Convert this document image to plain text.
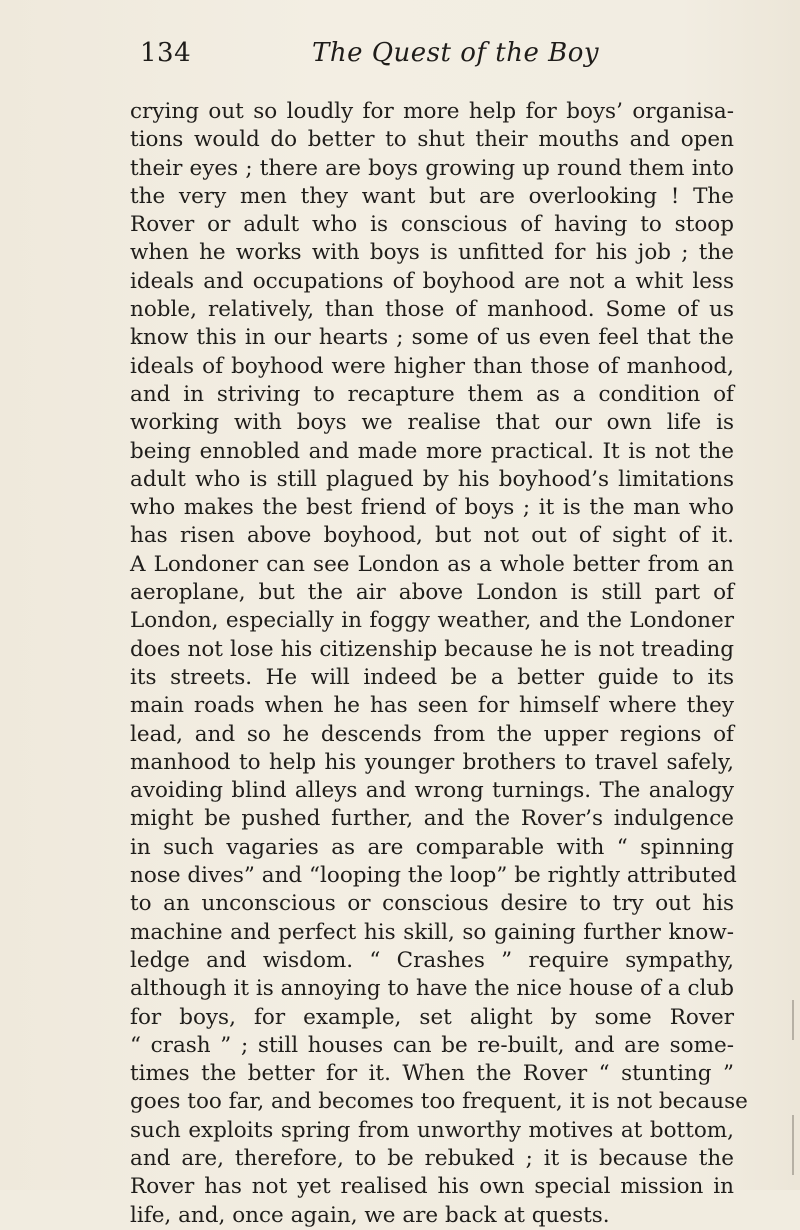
134	The Quest of the Boy
crying out so loudly for more help for boys’ organisa-
tions would do better to shut their mouths and open
their eyes ; there are boys growing up round them into
the very men they want but are overlooking ! The
Rover or adult who is conscious of having to stoop
when he works with boys is unfitted for his job ; the
ideals and occupations of boyhood are not a whit less
noble, relatively, than those of manhood. Some of us
know this in our hearts ; some of us even feel that the
ideals of boyhood were higher than those of manhood,
and in striving to recapture them as a condition of
working with boys we realise that our own life is
being ennobled and made more practical. It is not the
adult who is still plagued by his boyhood’s limitations
who makes the best friend of boys ; it is the man who
has risen above boyhood, but not out of sight of it.
A Londoner can see London as a whole better from an
aeroplane, but the air above London is still part of
London, especially in foggy weather, and the Londoner
does not lose his citizenship because he is not treading
its streets. He will indeed be a better guide to its
main roads when he has seen for himself where they
lead, and so he descends from the upper regions of
manhood to help his younger brothers to travel safely,
avoiding blind alleys and wrong turnings. The analogy
might be pushed further, and the Rover’s indulgence
in such vagaries as are comparable with “ spinning
nose dives” and “looping the loop” be rightly attributed
to an unconscious or conscious desire to try out his
machine and perfect his skill, so gaining further know-
ledge and wisdom. “ Crashes ” require sympathy,
although it is annoying to have the nice house of a club
for boys, for example, set alight by some Rover
“ crash ” ; still houses can be re-built, and are some-
times the better for it. When the Rover “ stunting ”
goes too far, and becomes too frequent, it is not because
such exploits spring from unworthy motives at bottom,
and are, therefore, to be rebuked ; it is because the
Rover has not yet realised his own special mission in
life, and, once again, we are back at quests.
